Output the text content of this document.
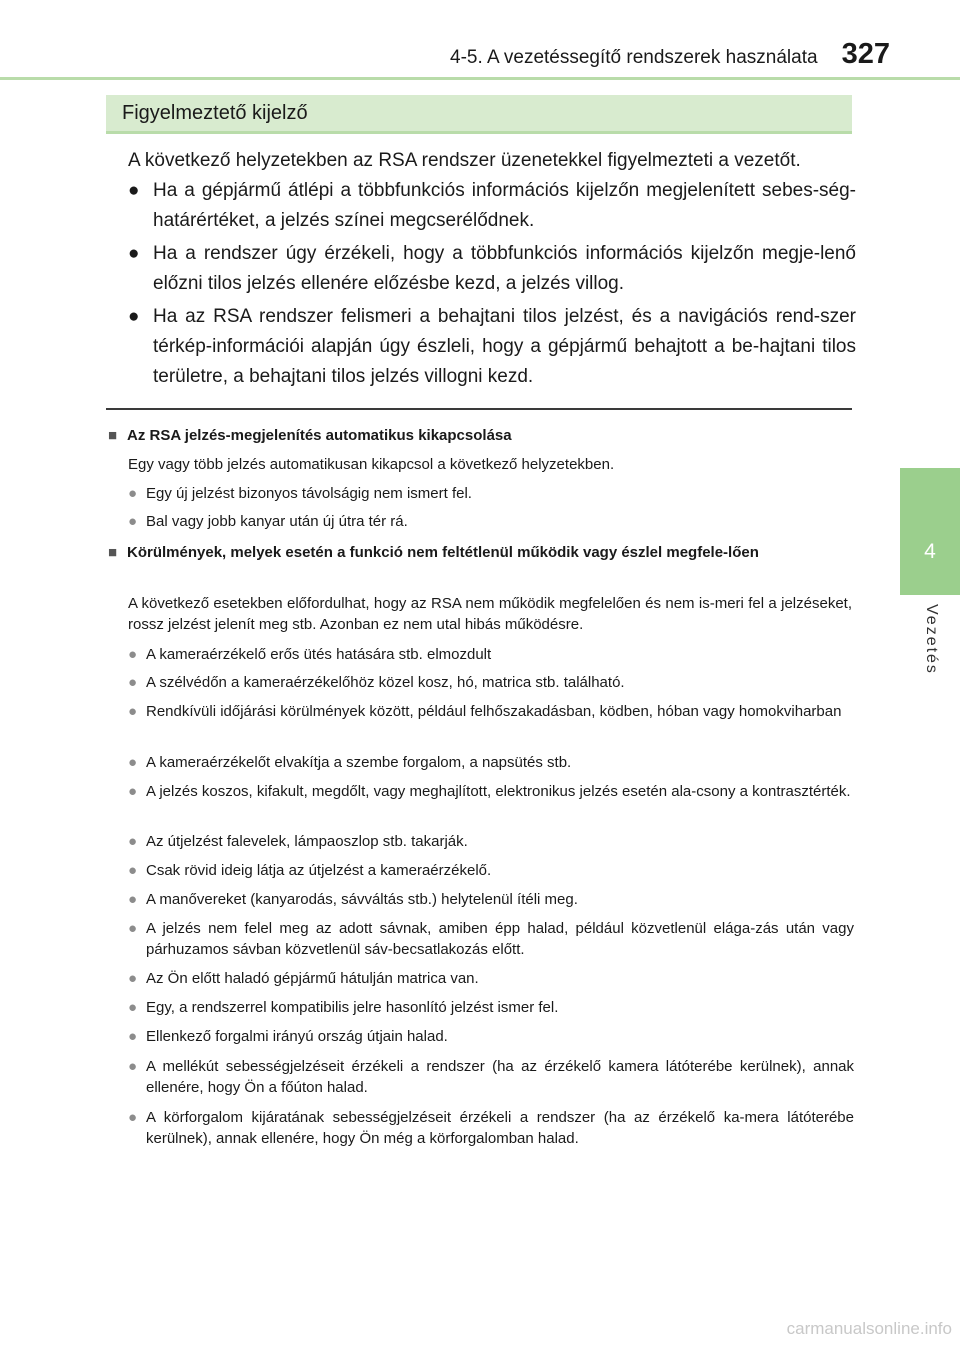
4-5. A vezetéssegítő rendszerek használata 327
4
Vezetés
Figyelmeztető kijelző
A következő helyzetekben az RSA rendszer üzenetekkel figyelmezteti a vezetőt.
● Ha a gépjármű átlépi a többfunkciós információs kijelzőn megjelenített sebes-ség-határértéket, a jelzés színei megcserélődnek.
● Ha a rendszer úgy érzékeli, hogy a többfunkciós információs kijelzőn megje-lenő előzni tilos jelzés ellenére előzésbe kezd, a jelzés villog.
● Ha az RSA rendszer felismeri a behajtani tilos jelzést, és a navigációs rend-szer térkép-információi alapján úgy észleli, hogy a gépjármű behajtott a be-hajtani tilos területre, a behajtani tilos jelzés villogni kezd.
■ Az RSA jelzés-megjelenítés automatikus kikapcsolása
Egy vagy több jelzés automatikusan kikapcsol a következő helyzetekben.
● Egy új jelzést bizonyos távolságig nem ismert fel.
● Bal vagy jobb kanyar után új útra tér rá.
■ Körülmények, melyek esetén a funkció nem feltétlenül működik vagy észlel megfele-lően
A következő esetekben előfordulhat, hogy az RSA nem működik megfelelően és nem is-meri fel a jelzéseket, rossz jelzést jelenít meg stb. Azonban ez nem utal hibás működésre.
● A kameraérzékelő erős ütés hatására stb. elmozdult
● A szélvédőn a kameraérzékelőhöz közel kosz, hó, matrica stb. található.
● Rendkívüli időjárási körülmények között, például felhőszakadásban, ködben, hóban vagy homokviharban
● A kameraérzékelőt elvakítja a szembe forgalom, a napsütés stb.
● A jelzés koszos, kifakult, megdőlt, vagy meghajlított, elektronikus jelzés esetén ala-csony a kontrasztérték.
● Az útjelzést falevelek, lámpaoszlop stb. takarják.
● Csak rövid ideig látja az útjelzést a kameraérzékelő.
● A manővereket (kanyarodás, sávváltás stb.) helytelenül ítéli meg.
● A jelzés nem felel meg az adott sávnak, amiben épp halad, például közvetlenül elága-zás után vagy párhuzamos sávban közvetlenül sáv-becsatlakozás előtt.
● Az Ön előtt haladó gépjármű hátulján matrica van.
● Egy, a rendszerrel kompatibilis jelre hasonlító jelzést ismer fel.
● Ellenkező forgalmi irányú ország útjain halad.
● A mellékút sebességjelzéseit érzékeli a rendszer (ha az érzékelő kamera látóterébe kerülnek), annak ellenére, hogy Ön a főúton halad.
● A körforgalom kijáratának sebességjelzéseit érzékeli a rendszer (ha az érzékelő ka-mera látóterébe kerülnek), annak ellenére, hogy Ön még a körforgalomban halad.
carmanualsonline.info
